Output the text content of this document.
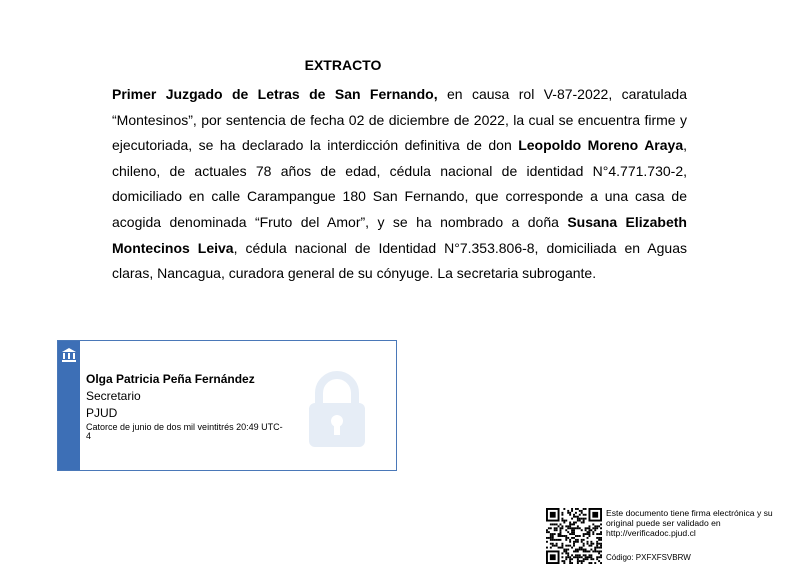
EXTRACTO
Primer Juzgado de Letras de San Fernando, en causa rol V-87-2022, caratulada “Montesinos”, por sentencia de fecha 02 de diciembre de 2022, la cual se encuentra firme y ejecutoriada, se ha declarado la interdicción definitiva de don Leopoldo Moreno Araya, chileno, de actuales 78 años de edad, cédula nacional de identidad N°4.771.730-2, domiciliado en calle Carampangue 180 San Fernando, que corresponde a una casa de acogida denominada “Fruto del Amor”, y se ha nombrado a doña Susana Elizabeth Montecinos Leiva, cédula nacional de Identidad N°7.353.806-8, domiciliada en Aguas claras, Nancagua, curadora general de su cónyuge. La secretaria subrogante.
Olga Patricia Peña Fernández
Secretario
PJUD
Catorce de junio de dos mil veintitrés 20:49 UTC-4
Este documento tiene firma electrónica y su original puede ser validado en http://verificadoc.pjud.cl
Código: PXFXFSVBRW
